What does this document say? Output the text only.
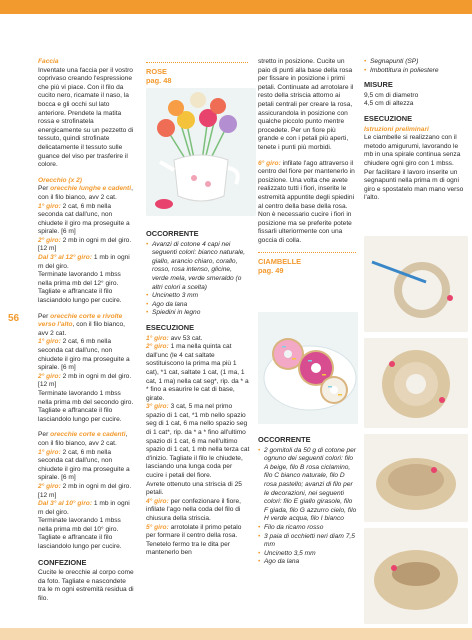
56
Faccia

Inventate una faccia per il vostro coprivaso creando l'espressione che più vi piace. Con il filo da cucito nero, ricamate il naso, la bocca e gli occhi sul lato anteriore. Prendete la matita rossa e strofinatela energicamente su un pezzetto di tessuto, quindi strofinate delicatamente il tessuto sulle guance del viso per trasferire il colore.

Orecchio (x 2)

Per orecchie lunghe e cadenti, con il filo bianco, avv 2 cat.
1° giro: 2 cat, 6 mb nella seconda cat dall'unc, non chiudete il giro ma proseguite a spirale. [6 m]
2° giro: 2 mb in ogni m del giro. [12 m]
Dal 3° al 12° giro: 1 mb in ogni m del giro.
Terminate lavorando 1 mbss nella prima mb del 12° giro. Tagliate e affrancate il filo lasciandolo lungo per cucire.

Per orecchie corte e rivolte verso l'alto, con il filo bianco, avv 2 cat.
1° giro: 2 cat, 6 mb nella seconda cat dall'unc, non chiudete il giro ma proseguite a spirale. [6 m]
2° giro: 2 mb in ogni m del giro. [12 m]
Terminate lavorando 1 mbss nella prima mb del secondo giro. Tagliate e affrancate il filo lasciandolo lungo per cucire.

Per orecchie corte e cadenti, con il filo bianco, avv 2 cat.
1° giro: 2 cat, 6 mb nella seconda cat dall'unc, non chiudete il giro ma proseguite a spirale. [6 m]
2° giro: 2 mb in ogni m del giro. [12 m]
Dal 3° al 10° giro: 1 mb in ogni m del giro.
Terminate lavorando 1 mbss nella prima mb del 10° giro. Tagliate e affrancate il filo lasciandolo lungo per cucire.

CONFEZIONE

Cucite le orecchie al corpo come da foto. Tagliate e nascondete tra le m ogni estremità residua di filo.

ROSE
pag. 48
OCCORRENTE
• Avanzi di cotone 4 capi nei seguenti colori: bianco naturale, giallo, arancio chiaro, corallo, rosso, rosa intenso, glicine, verde mela, verde smeraldo (o altri colori a scelta)
• Uncinetto 3 mm
• Ago da lana
• Spiedini in legno
ESECUZIONE

1° giro: avv 53 cat.
2° giro: 1 ma nella quinta cat dall'unc (le 4 cat saltate sostituiscono la prima ma più 1 cat), *1 cat, saltate 1 cat, (1 ma, 1 cat, 1 ma) nella cat seg*, rip. da * a * fino a esaurire le cat di base, girate.
3° giro: 3 cat, 5 ma nel primo spazio di 1 cat, *1 mb nello spazio seg di 1 cat, 6 ma nello spazio seg di 1 cat*, rip. da * a * fino all'ultimo spazio di 1 cat, 6 ma nell'ultimo spazio di 1 cat, 1 mb nella terza cat d'inizio. Tagliate il filo le chiudete, lasciando una lunga coda per cucire i petali del fiore.
Avrete ottenuto una striscia di 25 petali.
4° giro: per confezionare il fiore, infilate l'ago nella coda del filo di chiusura della striscia.
5° giro: arrotolate il primo petalo per formare il centro della rosa. Tenetelo fermo tra le dita per mantenerlo ben

stretto in posizione. Cucite un paio di punti alla base della rosa per fissare in posizione i primi petali. Continuate ad arrotolare il resto della striscia attorno ai petali centrali per creare la rosa, assicurandola in posizione con qualche piccolo punto mentre procedete. Per un fiore più grande e con i petali più aperti, tenete i punti più morbidi.

6° giro: infilate l'ago attraverso il centro del fiore per mantenerlo in posizione. Una volta che avete realizzato tutti i fiori, inserite le estremità appuntite degli spiedini al centro della base della rosa. Non è necessario cucire i fiori in posizione ma se preferite potete fissarli ulteriormente con una goccia di colla.

CIAMBELLE
pag. 49
OCCORRENTE
• 2 gomitoli da 50 g di cotone per ognuno dei seguenti colori: filo A beige, filo B rosa ciclamino, filo C bianco naturale, filo D rosa pastello; avanzi di filo per le decorazioni, nei seguenti colori: filo E giallo girasole, filo F giada, filo G azzurro cielo, filo H verde acqua, filo I bianco
• Filo da ricamo rosso
• 3 paia di occhietti neri diam 7,5 mm
• Uncinetto 3,5 mm
• Ago da lana
• Segnapunti (SP)
• Imbottitura in poliestere
MISURE
9,5 cm di diametro
4,5 cm di altezza
ESECUZIONE
Istruzioni preliminari

Le ciambelle si realizzano con il metodo amigurumi, lavorando le mb in una spirale continua senza chiudere ogni giro con 1 mbss.
Per facilitare il lavoro inserite un segnapunti nella prima m di ogni giro e spostatelo man mano verso l'alto.
